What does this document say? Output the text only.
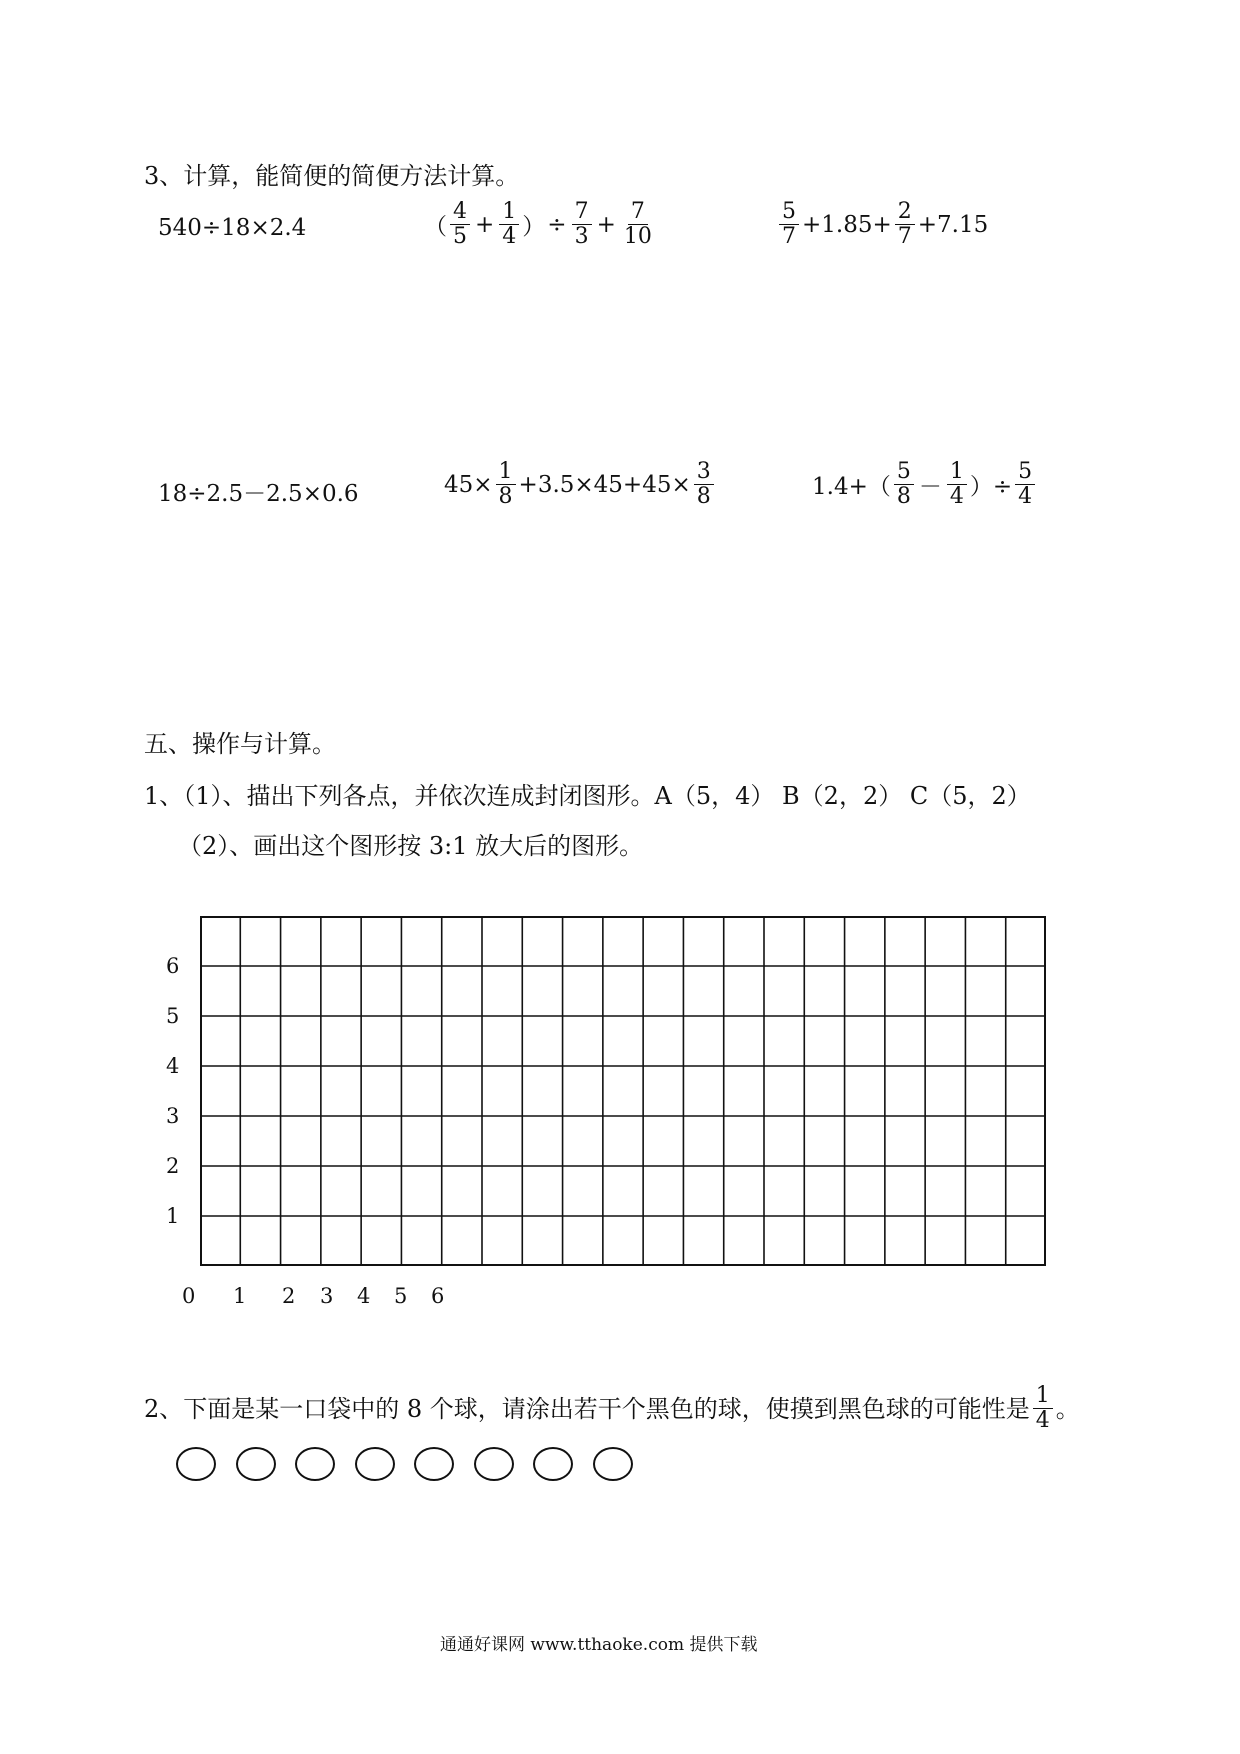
3、计算，能简便的简便方法计算。
540÷18×2.4	（ $\frac{4}{5} + \frac{1}{4}$ ） ÷ $\frac{7}{3} + \frac{7}{10}$	$\frac{5}{7} +1.85+ \frac{2}{7} +7.15$
18÷2.5－2.5×0.6	$45\times \frac{1}{8} +3.5\times 45+45\times \frac{3}{8}$	$1.4+( \frac{5}{8} - \frac{1}{4}$ ）÷ $\frac{5}{4}$
五、操作与计算。
1、（1）、描出下列各点，并依次连成封闭图形。A（5，4） B（2，2） C（5，2）
（2）、画出这个图形按 3:1 放大后的图形。
6
5
4
3
2
1
0 1 2 3 4 5 6
2、下面是某一口袋中的 8 个球，请涂出若干个黑色的球，使摸到黑色球的可能性是 $\frac{1}{4}$ 。
通通好课网 www.tthaoke.com 提供下载
